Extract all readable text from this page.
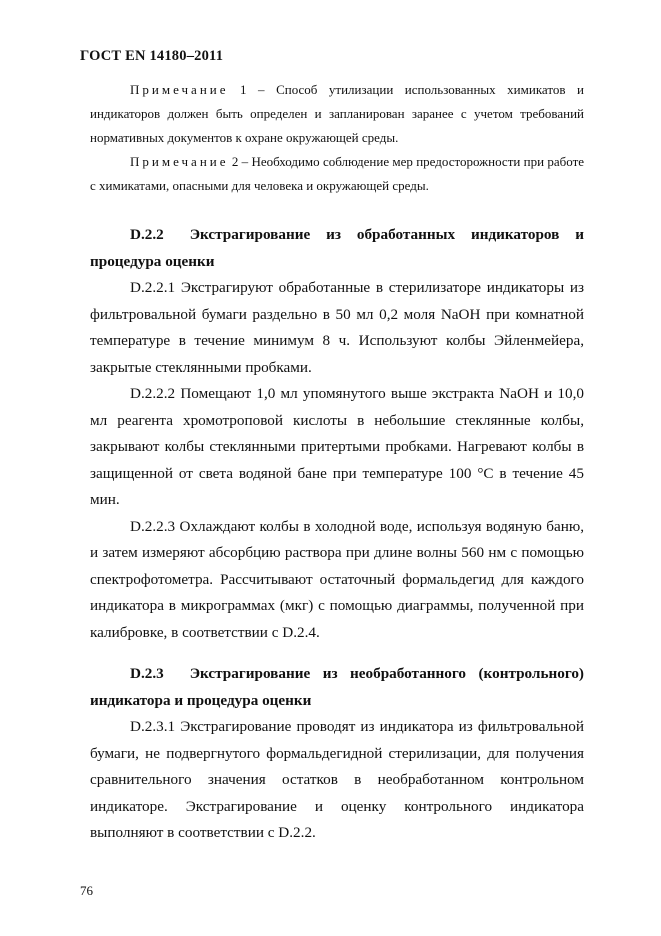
ГОСТ EN 14180–2011

Примечание 1 – Способ утилизации использованных химикатов и индикаторов должен быть определен и запланирован заранее с учетом требований нормативных документов к охране окружающей среды.

Примечание 2 – Необходимо соблюдение мер предосторожности при работе с химикатами, опасными для человека и окружающей среды.

D.2.2 Экстрагирование из обработанных индикаторов и процедура оценки

D.2.2.1 Экстрагируют обработанные в стерилизаторе индикаторы из фильтровальной бумаги раздельно в 50 мл 0,2 моля NaOH при комнатной температуре в течение минимум 8 ч. Используют колбы Эйленмейера, закрытые стеклянными пробками.

D.2.2.2 Помещают 1,0 мл упомянутого выше экстракта NaOH и 10,0 мл реагента хромотроповой кислоты в небольшие стеклянные колбы, закрывают колбы стеклянными притертыми пробками. Нагревают колбы в защищенной от света водяной бане при температуре 100 °C в течение 45 мин.

D.2.2.3 Охлаждают колбы в холодной воде, используя водяную баню, и затем измеряют абсорбцию раствора при длине волны 560 нм с помощью спектрофотометра. Рассчитывают остаточный формальдегид для каждого индикатора в микрограммах (мкг) с помощью диаграммы, полученной при калибровке, в соответствии с D.2.4.

D.2.3 Экстрагирование из необработанного (контрольного) индикатора и процедура оценки

D.2.3.1 Экстрагирование проводят из индикатора из фильтровальной бумаги, не подвергнутого формальдегидной стерилизации, для получения сравнительного значения остатков в необработанном контрольном индикаторе. Экстрагирование и оценку контрольного индикатора выполняют в соответствии с D.2.2.

76
